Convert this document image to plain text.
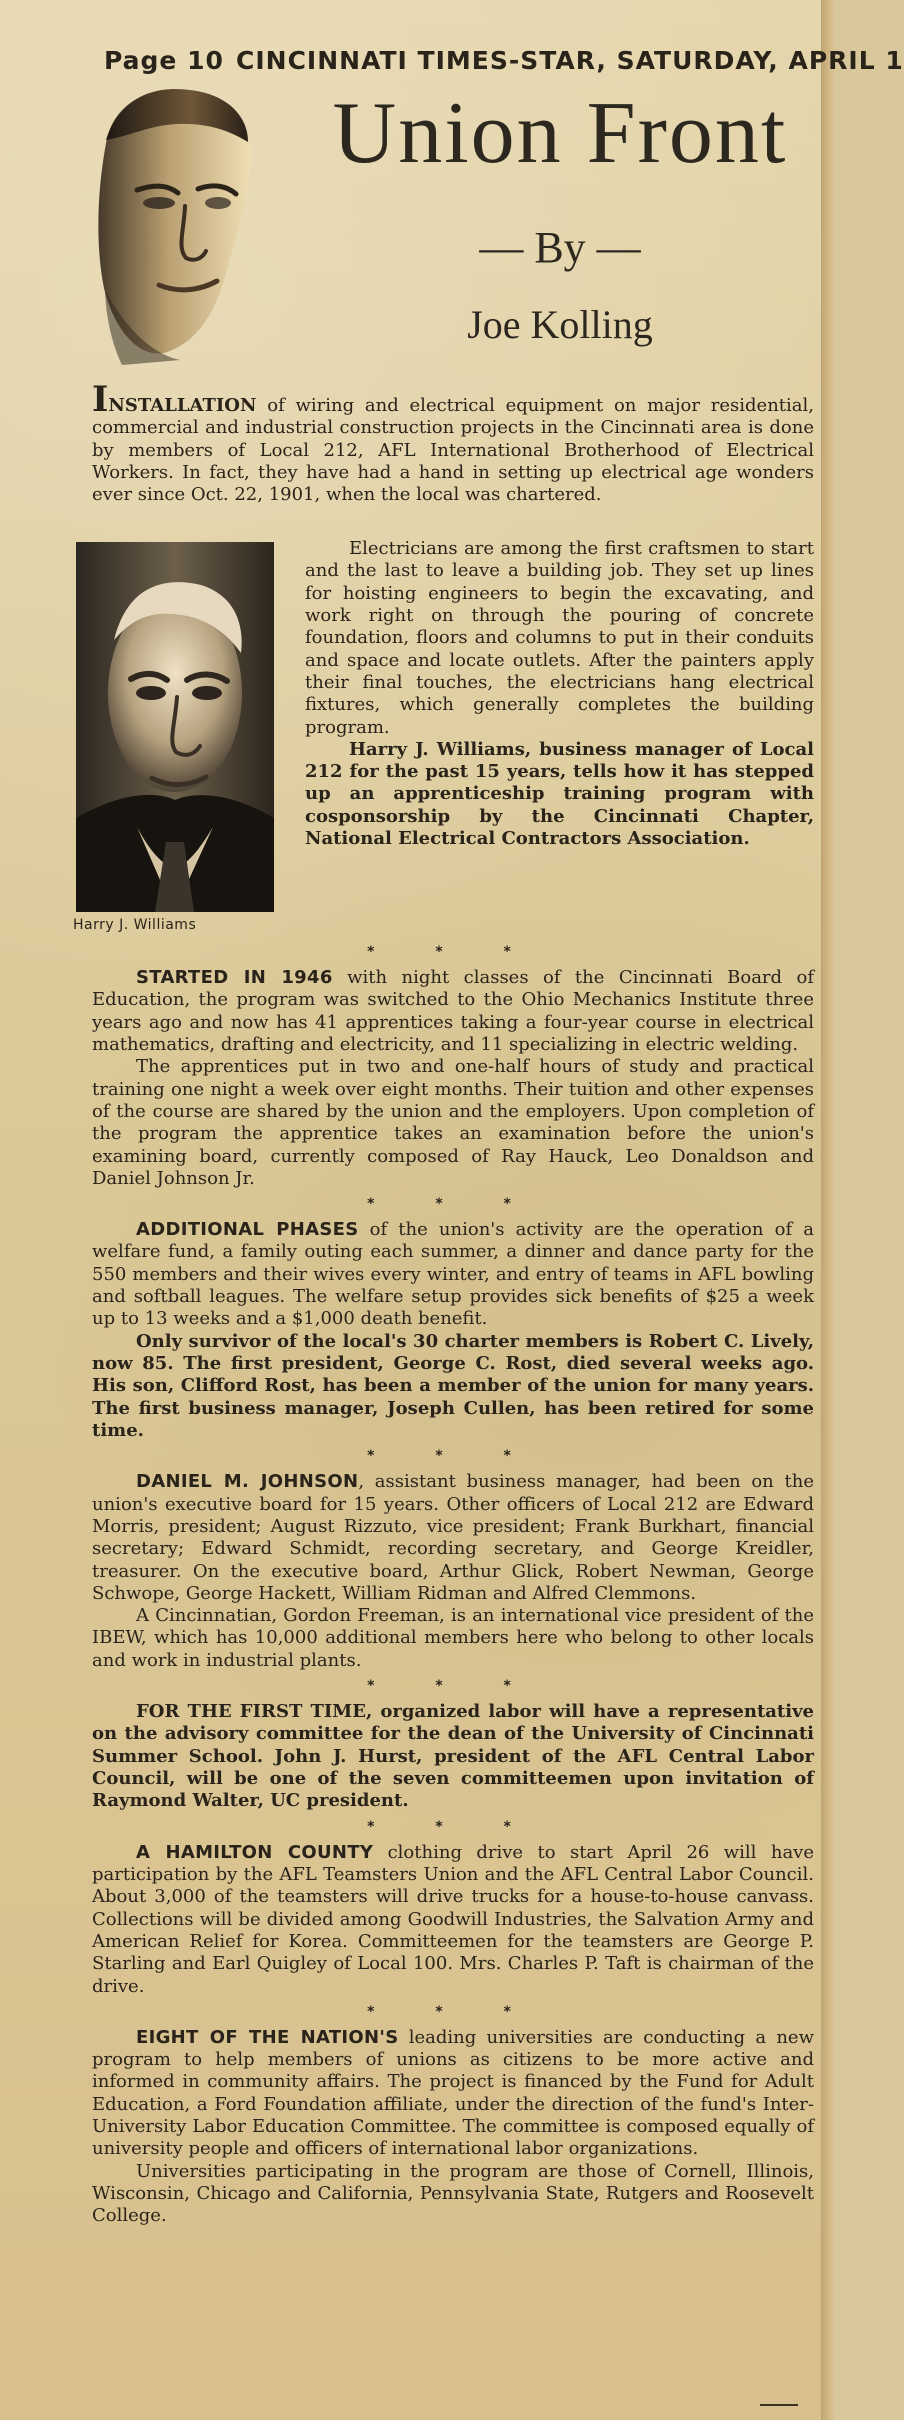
Page 10 CINCINNATI TIMES-STAR, SATURDAY, APRIL 1
Union Front
— By —
Joe Kolling

INSTALLATION of wiring and electrical equipment on major residential, commercial and industrial construction projects in the Cincinnati area is done by members of Local 212, AFL International Brotherhood of Electrical Workers. In fact, they have had a hand in setting up electrical age wonders ever since Oct. 22, 1901, when the local was chartered.

Harry J. Williams

Electricians are among the first craftsmen to start and the last to leave a building job. They set up lines for hoisting engineers to begin the excavating, and work right on through the pouring of concrete foundation, floors and columns to put in their conduits and space and locate outlets. After the painters apply their final touches, the electricians hang electrical fixtures, which generally completes the building program.

Harry J. Williams, business manager of Local 212 for the past 15 years, tells how it has stepped up an apprenticeship training program with cosponsorship by the Cincinnati Chapter, National Electrical Contractors Association.

* * *

STARTED IN 1946 with night classes of the Cincinnati Board of Education, the program was switched to the Ohio Mechanics Institute three years ago and now has 41 apprentices taking a four-year course in electrical mathematics, drafting and electricity, and 11 specializing in electric welding.

The apprentices put in two and one-half hours of study and practical training one night a week over eight months. Their tuition and other expenses of the course are shared by the union and the employers. Upon completion of the program the apprentice takes an examination before the union's examining board, currently composed of Ray Hauck, Leo Donaldson and Daniel Johnson Jr.

* * *

ADDITIONAL PHASES of the union's activity are the operation of a welfare fund, a family outing each summer, a dinner and dance party for the 550 members and their wives every winter, and entry of teams in AFL bowling and softball leagues. The welfare setup provides sick benefits of $25 a week up to 13 weeks and a $1,000 death benefit.

Only survivor of the local's 30 charter members is Robert C. Lively, now 85. The first president, George C. Rost, died several weeks ago. His son, Clifford Rost, has been a member of the union for many years. The first business manager, Joseph Cullen, has been retired for some time.

* * *

DANIEL M. JOHNSON, assistant business manager, had been on the union's executive board for 15 years. Other officers of Local 212 are Edward Morris, president; August Rizzuto, vice president; Frank Burkhart, financial secretary; Edward Schmidt, recording secretary, and George Kreidler, treasurer. On the executive board, Arthur Glick, Robert Newman, George Schwope, George Hackett, William Ridman and Alfred Clemmons.

A Cincinnatian, Gordon Freeman, is an international vice president of the IBEW, which has 10,000 additional members here who belong to other locals and work in industrial plants.

* * *

FOR THE FIRST TIME, organized labor will have a representative on the advisory committee for the dean of the University of Cincinnati Summer School. John J. Hurst, president of the AFL Central Labor Council, will be one of the seven committeemen upon invitation of Raymond Walter, UC president.

* * *

A HAMILTON COUNTY clothing drive to start April 26 will have participation by the AFL Teamsters Union and the AFL Central Labor Council. About 3,000 of the teamsters will drive trucks for a house-to-house canvass. Collections will be divided among Goodwill Industries, the Salvation Army and American Relief for Korea. Committeemen for the teamsters are George P. Starling and Earl Quigley of Local 100. Mrs. Charles P. Taft is chairman of the drive.

* * *

EIGHT OF THE NATION'S leading universities are conducting a new program to help members of unions as citizens to be more active and informed in community affairs. The project is financed by the Fund for Adult Education, a Ford Foundation affiliate, under the direction of the fund's Inter-University Labor Education Committee. The committee is composed equally of university people and officers of international labor organizations.

Universities participating in the program are those of Cornell, Illinois, Wisconsin, Chicago and California, Pennsylvania State, Rutgers and Roosevelt College.
